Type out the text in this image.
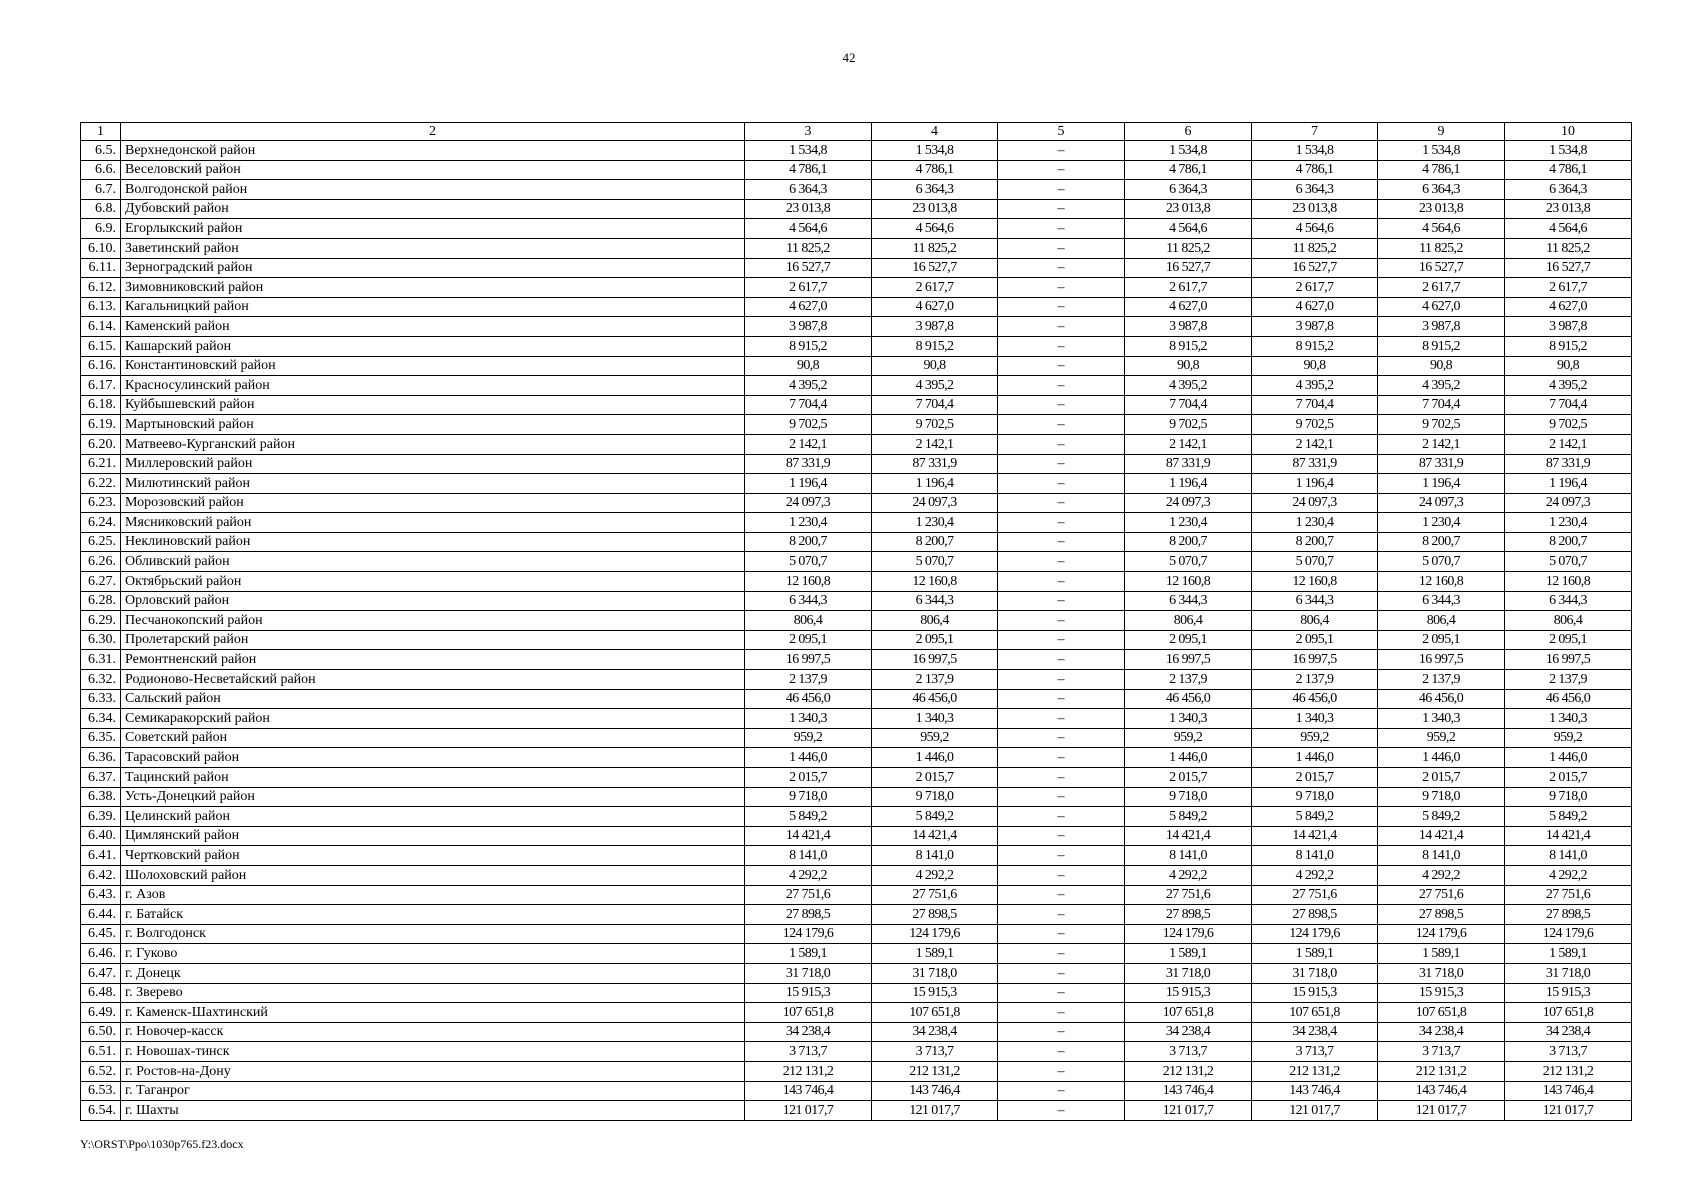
42
1	2	3	4	5	6	7	9	10
6.5.	Верхнедонской район	1 534,8	1 534,8	–	1 534,8	1 534,8	1 534,8	1 534,8
6.6.	Веселовский район	4 786,1	4 786,1	–	4 786,1	4 786,1	4 786,1	4 786,1
6.7.	Волгодонской район	6 364,3	6 364,3	–	6 364,3	6 364,3	6 364,3	6 364,3
6.8.	Дубовский район	23 013,8	23 013,8	–	23 013,8	23 013,8	23 013,8	23 013,8
6.9.	Егорлыкский район	4 564,6	4 564,6	–	4 564,6	4 564,6	4 564,6	4 564,6
6.10.	Заветинский район	11 825,2	11 825,2	–	11 825,2	11 825,2	11 825,2	11 825,2
6.11.	Зерноградский район	16 527,7	16 527,7	–	16 527,7	16 527,7	16 527,7	16 527,7
6.12.	Зимовниковский район	2 617,7	2 617,7	–	2 617,7	2 617,7	2 617,7	2 617,7
6.13.	Кагальницкий район	4 627,0	4 627,0	–	4 627,0	4 627,0	4 627,0	4 627,0
6.14.	Каменский район	3 987,8	3 987,8	–	3 987,8	3 987,8	3 987,8	3 987,8
6.15.	Кашарский район	8 915,2	8 915,2	–	8 915,2	8 915,2	8 915,2	8 915,2
6.16.	Константиновский район	90,8	90,8	–	90,8	90,8	90,8	90,8
6.17.	Красносулинский район	4 395,2	4 395,2	–	4 395,2	4 395,2	4 395,2	4 395,2
6.18.	Куйбышевский район	7 704,4	7 704,4	–	7 704,4	7 704,4	7 704,4	7 704,4
6.19.	Мартыновский район	9 702,5	9 702,5	–	9 702,5	9 702,5	9 702,5	9 702,5
6.20.	Матвеево-Курганский район	2 142,1	2 142,1	–	2 142,1	2 142,1	2 142,1	2 142,1
6.21.	Миллеровский район	87 331,9	87 331,9	–	87 331,9	87 331,9	87 331,9	87 331,9
6.22.	Милютинский район	1 196,4	1 196,4	–	1 196,4	1 196,4	1 196,4	1 196,4
6.23.	Морозовский район	24 097,3	24 097,3	–	24 097,3	24 097,3	24 097,3	24 097,3
6.24.	Мясниковский район	1 230,4	1 230,4	–	1 230,4	1 230,4	1 230,4	1 230,4
6.25.	Неклиновский район	8 200,7	8 200,7	–	8 200,7	8 200,7	8 200,7	8 200,7
6.26.	Обливский район	5 070,7	5 070,7	–	5 070,7	5 070,7	5 070,7	5 070,7
6.27.	Октябрьский район	12 160,8	12 160,8	–	12 160,8	12 160,8	12 160,8	12 160,8
6.28.	Орловский район	6 344,3	6 344,3	–	6 344,3	6 344,3	6 344,3	6 344,3
6.29.	Песчанокопский район	806,4	806,4	–	806,4	806,4	806,4	806,4
6.30.	Пролетарский район	2 095,1	2 095,1	–	2 095,1	2 095,1	2 095,1	2 095,1
6.31.	Ремонтненский район	16 997,5	16 997,5	–	16 997,5	16 997,5	16 997,5	16 997,5
6.32.	Родионово-Несветайский район	2 137,9	2 137,9	–	2 137,9	2 137,9	2 137,9	2 137,9
6.33.	Сальский район	46 456,0	46 456,0	–	46 456,0	46 456,0	46 456,0	46 456,0
6.34.	Семикаракорский район	1 340,3	1 340,3	–	1 340,3	1 340,3	1 340,3	1 340,3
6.35.	Советский район	959,2	959,2	–	959,2	959,2	959,2	959,2
6.36.	Тарасовский район	1 446,0	1 446,0	–	1 446,0	1 446,0	1 446,0	1 446,0
6.37.	Тацинский район	2 015,7	2 015,7	–	2 015,7	2 015,7	2 015,7	2 015,7
6.38.	Усть-Донецкий район	9 718,0	9 718,0	–	9 718,0	9 718,0	9 718,0	9 718,0
6.39.	Целинский район	5 849,2	5 849,2	–	5 849,2	5 849,2	5 849,2	5 849,2
6.40.	Цимлянский район	14 421,4	14 421,4	–	14 421,4	14 421,4	14 421,4	14 421,4
6.41.	Чертковский район	8 141,0	8 141,0	–	8 141,0	8 141,0	8 141,0	8 141,0
6.42.	Шолоховский район	4 292,2	4 292,2	–	4 292,2	4 292,2	4 292,2	4 292,2
6.43.	г. Азов	27 751,6	27 751,6	–	27 751,6	27 751,6	27 751,6	27 751,6
6.44.	г. Батайск	27 898,5	27 898,5	–	27 898,5	27 898,5	27 898,5	27 898,5
6.45.	г. Волгодонск	124 179,6	124 179,6	–	124 179,6	124 179,6	124 179,6	124 179,6
6.46.	г. Гуково	1 589,1	1 589,1	–	1 589,1	1 589,1	1 589,1	1 589,1
6.47.	г. Донецк	31 718,0	31 718,0	–	31 718,0	31 718,0	31 718,0	31 718,0
6.48.	г. Зверево	15 915,3	15 915,3	–	15 915,3	15 915,3	15 915,3	15 915,3
6.49.	г. Каменск-Шахтинский	107 651,8	107 651,8	–	107 651,8	107 651,8	107 651,8	107 651,8
6.50.	г. Новочер-касск	34 238,4	34 238,4	–	34 238,4	34 238,4	34 238,4	34 238,4
6.51.	г. Новошах-тинск	3 713,7	3 713,7	–	3 713,7	3 713,7	3 713,7	3 713,7
6.52.	г. Ростов-на-Дону	212 131,2	212 131,2	–	212 131,2	212 131,2	212 131,2	212 131,2
6.53.	г. Таганрог	143 746,4	143 746,4	–	143 746,4	143 746,4	143 746,4	143 746,4
6.54.	г. Шахты	121 017,7	121 017,7	–	121 017,7	121 017,7	121 017,7	121 017,7
Y:\ORST\Ppo\1030p765.f23.docx
